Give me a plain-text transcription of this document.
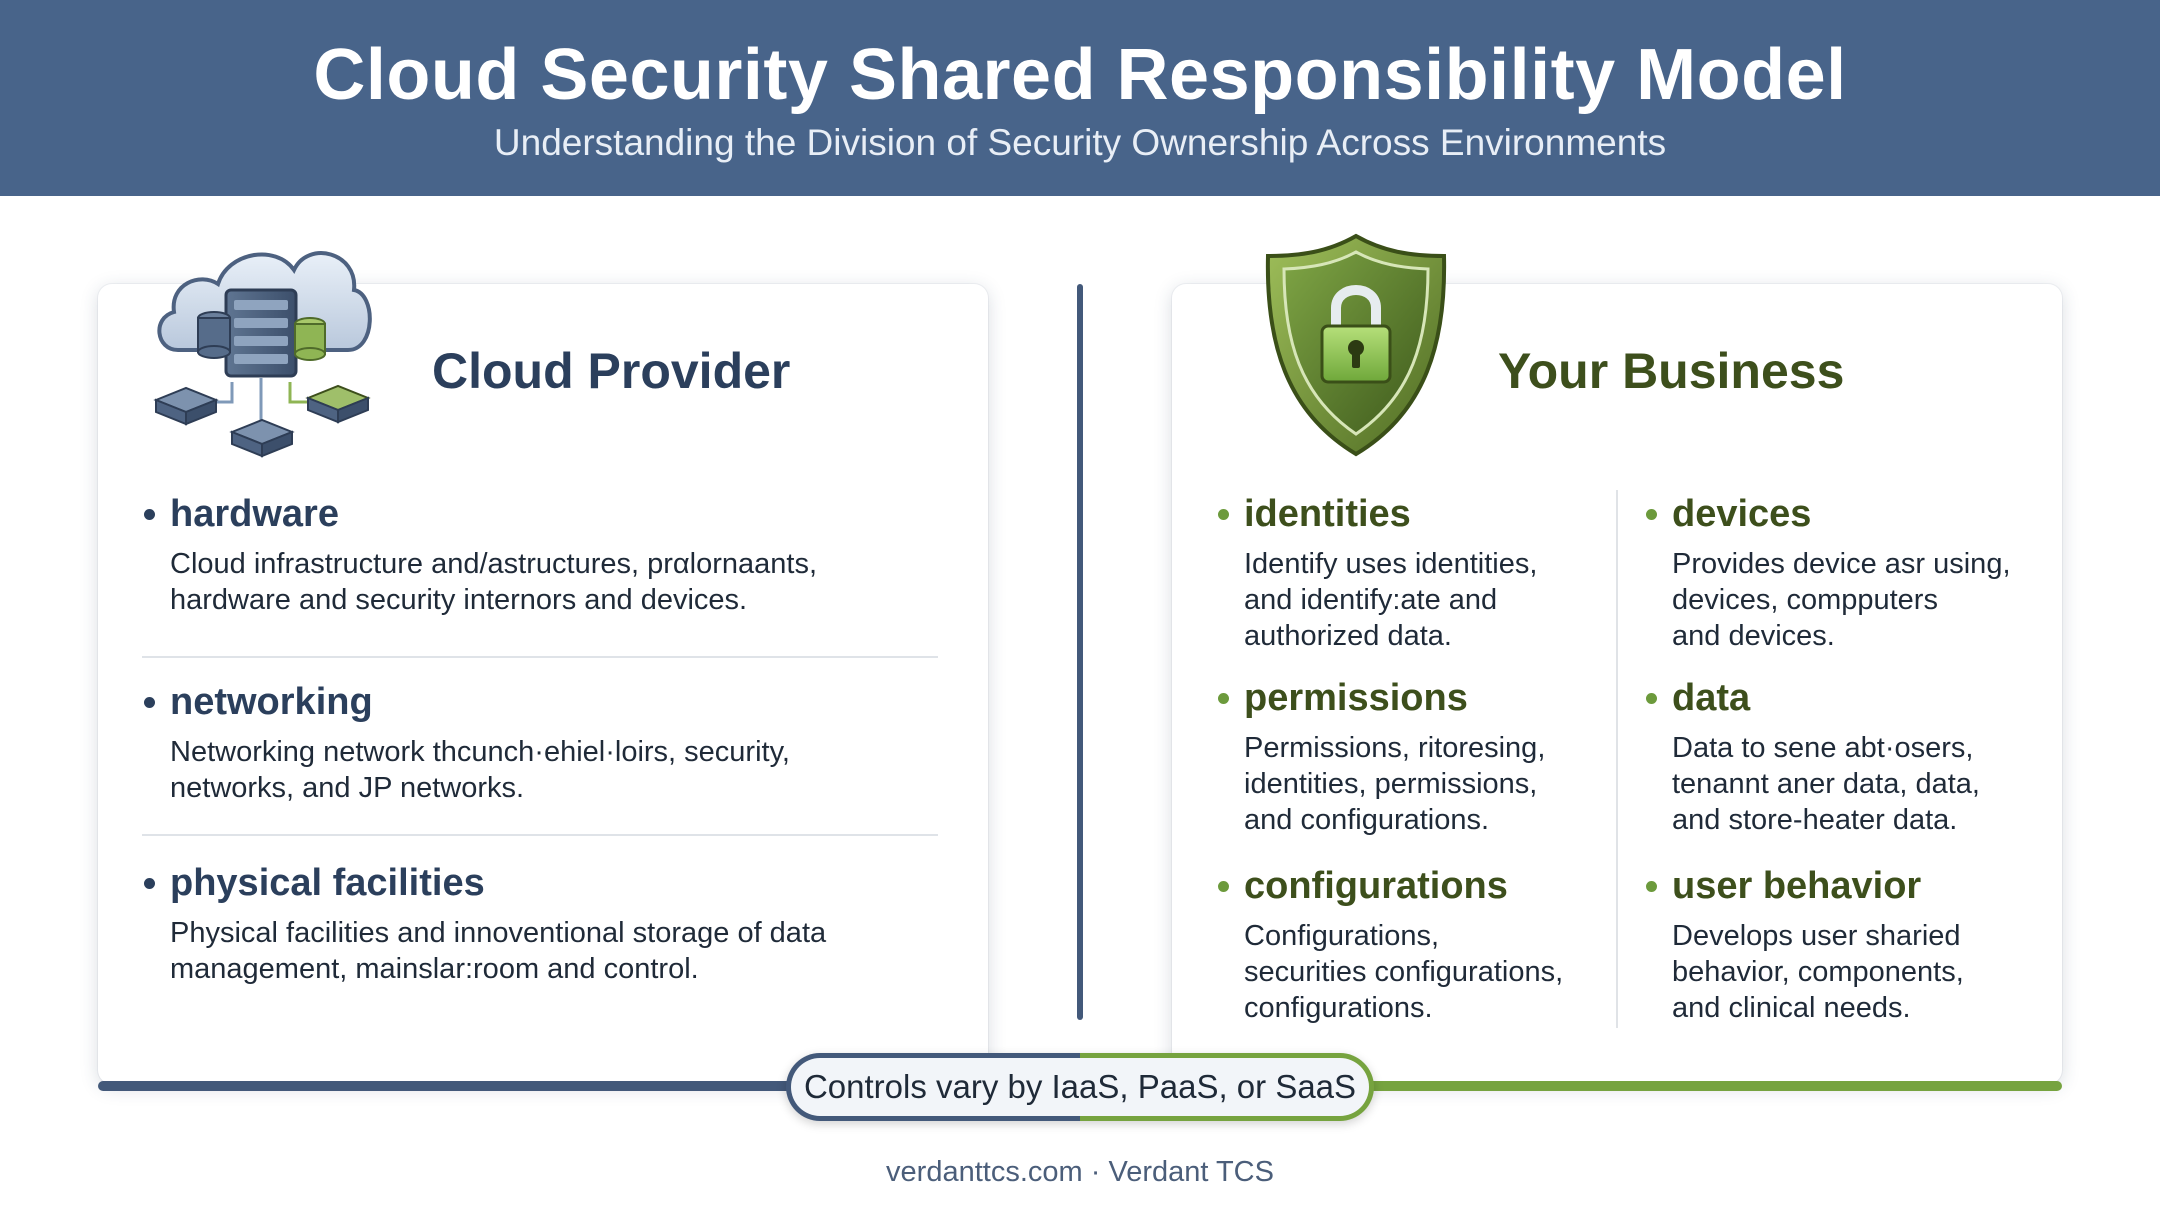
Cloud Security Shared Responsibility Model
Understanding the Division of Security Ownership Across Environments
Cloud Provider
hardware
Cloud infrastructure and/astructures, prαlornaants,
hardware and security internors and devices.
networking
Networking network thcunch·ehiel·loirs, security,
networks, and JP networks.
physical facilities
Physical facilities and innoventional storage of data
management, mainslar:room and control.
Your Business
identities
Identify uses identities,
and identify:ate and
authorized data.
devices
Provides device asr using,
devices, compputers
and devices.
permissions
Permissions, ritoresing,
identities, permissions,
and configurations.
data
Data to sene abt·osers,
tenannt aner data, data,
and store-heater data.
configurations
Configurations,
securities configurations,
configurations.
user behavior
Develops user sharied
behavior, components,
and clinical needs.
Controls vary by IaaS, PaaS, or SaaS
verdanttcs.com · Verdant TCS
